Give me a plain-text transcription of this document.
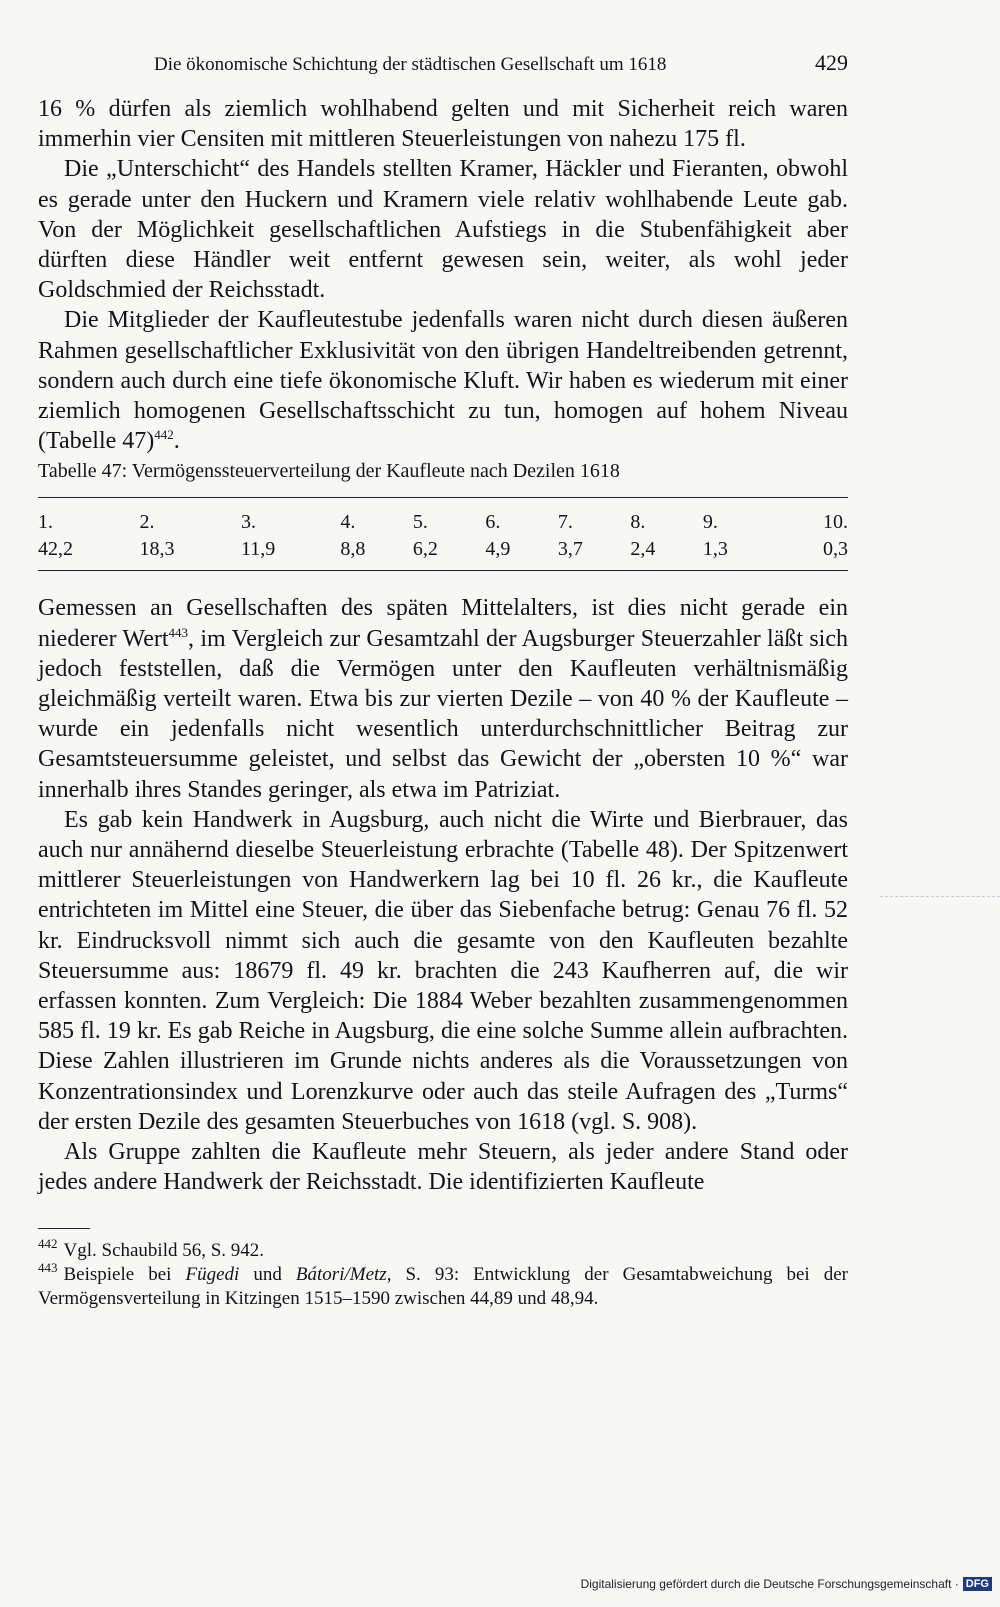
Die ökonomische Schichtung der städtischen Gesellschaft um 1618	429

16 % dürfen als ziemlich wohlhabend gelten und mit Sicherheit reich waren immerhin vier Censiten mit mittleren Steuerleistungen von nahezu 175 fl.

Die „Unterschicht“ des Handels stellten Kramer, Häckler und Fieranten, obwohl es gerade unter den Huckern und Kramern viele relativ wohlhabende Leute gab. Von der Möglichkeit gesellschaftlichen Aufstiegs in die Stubenfähigkeit aber dürften diese Händler weit entfernt gewesen sein, weiter, als wohl jeder Goldschmied der Reichsstadt.

Die Mitglieder der Kaufleutestube jedenfalls waren nicht durch diesen äußeren Rahmen gesellschaftlicher Exklusivität von den übrigen Handeltreibenden getrennt, sondern auch durch eine tiefe ökonomische Kluft. Wir haben es wiederum mit einer ziemlich homogenen Gesellschaftsschicht zu tun, homogen auf hohem Niveau (Tabelle 47)$^{442}$.

Tabelle 47: Vermögenssteuerverteilung der Kaufleute nach Dezilen 1618
1.	2.	3.	4.	5.	6.	7.	8.	9.	10.
42,2	18,3	11,9	8,8	6,2	4,9	3,7	2,4	1,3	0,3

Gemessen an Gesellschaften des späten Mittelalters, ist dies nicht gerade ein niederer Wert$^{443}$, im Vergleich zur Gesamtzahl der Augsburger Steuerzahler läßt sich jedoch feststellen, daß die Vermögen unter den Kaufleuten verhältnismäßig gleichmäßig verteilt waren. Etwa bis zur vierten Dezile – von 40 % der Kaufleute – wurde ein jedenfalls nicht wesentlich unterdurchschnittlicher Beitrag zur Gesamtsteuersumme geleistet, und selbst das Gewicht der „obersten 10 %“ war innerhalb ihres Standes geringer, als etwa im Patriziat.

Es gab kein Handwerk in Augsburg, auch nicht die Wirte und Bierbrauer, das auch nur annähernd dieselbe Steuerleistung erbrachte (Tabelle 48). Der Spitzenwert mittlerer Steuerleistungen von Handwerkern lag bei 10 fl. 26 kr., die Kaufleute entrichteten im Mittel eine Steuer, die über das Siebenfache betrug: Genau 76 fl. 52 kr. Eindrucksvoll nimmt sich auch die gesamte von den Kaufleuten bezahlte Steuersumme aus: 18679 fl. 49 kr. brachten die 243 Kaufherren auf, die wir erfassen konnten. Zum Vergleich: Die 1884 Weber bezahlten zusammengenommen 585 fl. 19 kr. Es gab Reiche in Augsburg, die eine solche Summe allein aufbrachten. Diese Zahlen illustrieren im Grunde nichts anderes als die Voraussetzungen von Konzentrationsindex und Lorenzkurve oder auch das steile Aufragen des „Turms“ der ersten Dezile des gesamten Steuerbuches von 1618 (vgl. S. 908).

Als Gruppe zahlten die Kaufleute mehr Steuern, als jeder andere Stand oder jedes andere Handwerk der Reichsstadt. Die identifizierten Kaufleute

$^{442}$ Vgl. Schaubild 56, S. 942.

$^{443}$ Beispiele bei Fügedi und Bátori/Metz, S. 93: Entwicklung der Gesamtabweichung bei der Vermögensverteilung in Kitzingen 1515–1590 zwischen 44,89 und 48,94.

Digitalisierung gefördert durch die Deutsche Forschungsgemeinschaft · DFG
